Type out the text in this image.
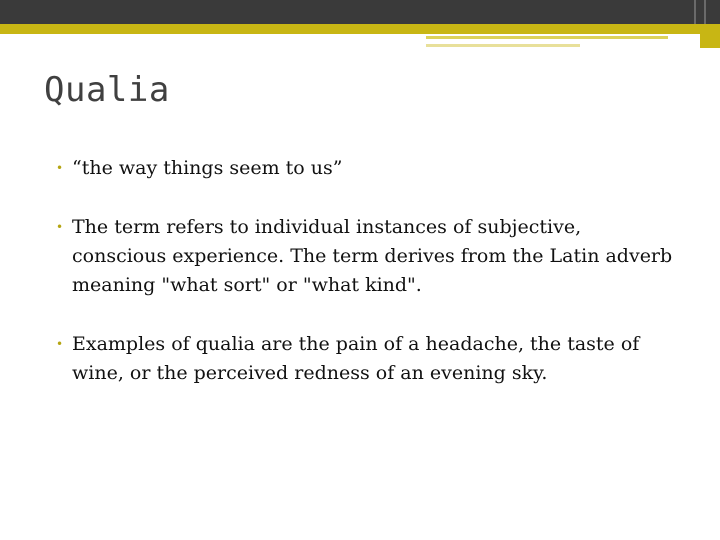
Qualia
• “the way things seem to us”
• The term refers to individual instances of subjective, conscious experience. The term derives from the Latin adverb meaning "what sort" or "what kind".
• Examples of qualia are the pain of a headache, the taste of wine, or the perceived redness of an evening sky.
